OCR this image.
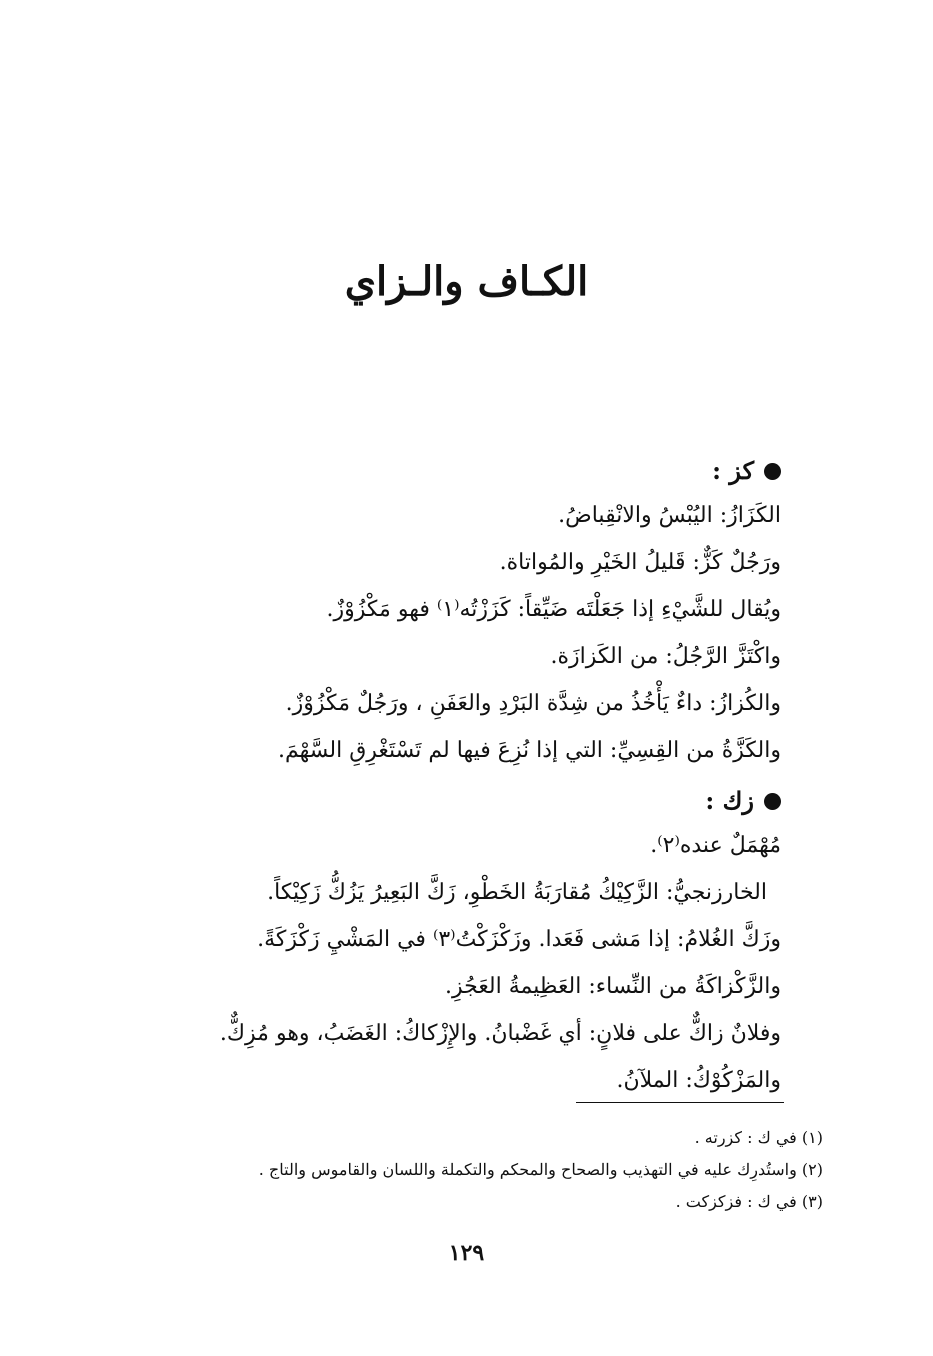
الكـاف والـزاي
كز :
الكَزَازُ: اليُبْسُ والانْقِباضُ.
ورَجُلٌ كَزٌّ: قَليلُ الخَيْرِ والمُواتاة.
ويُقال للشَّيْءِ إذا جَعَلْتَه ضَيِّقاً: كَزَزْتُه⁽١⁾ فهو مَكْزُوْزٌ.
واكْتَزَّ الرَّجُلُ: من الكَزازَة.
والكُزازُ: داءٌ يَأْخُذُ من شِدَّة البَرْدِ والعَفَنِ ، ورَجُلٌ مَكْزُوْزٌ.
والكَزَّةُ من القِسِيِّ: التي إذا نُزِعَ فيها لم تَسْتَغْرِقِ السَّهْمَ.
زك :
مُهْمَلٌ عنده⁽٢⁾.
الخارزنجيُّ: الزَّكِيْكُ مُقارَبَةُ الخَطْوِ، زَكَّ البَعِيرُ يَزُكُّ زَكِيْكاً.
وزَكَّ الغُلامُ: إذا مَشى فَعَدا. وزَكْزَكْتُ⁽٣⁾ في المَشْيِ زَكْزَكَةً.
والزَّكْزاكَةُ من النِّساء: العَظِيمةُ العَجُزِ.
وفلانٌ زاكٌّ على فلانٍ: أي غَضْبانُ. والإِزْكاكُ: الغَضَبُ، وهو مُزِكٌّ.
والمَزْكُوْكُ: الملآنُ.
(١) في ك : كزرته .
(٢) واستُدرِك عليه في التهذيب والصحاح والمحكم والتكملة واللسان والقاموس والتاج .
(٣) في ك : فزكزكت .
١٢٩
